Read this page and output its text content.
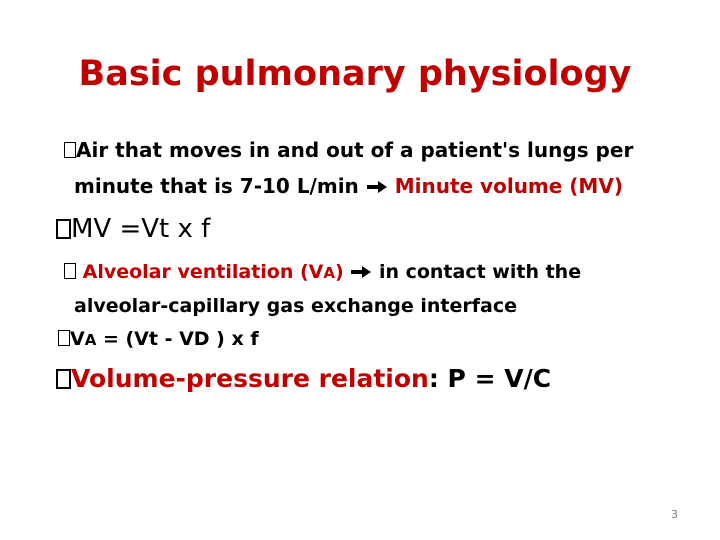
Basic pulmonary physiology
Air that moves in and out of a patient's lungs per
minute that is 7-10 L/min Minute volume (MV)
MV =Vt x f
Alveolar ventilation (VA) in contact with the
alveolar-capillary gas exchange interface
VA = (Vt - VD ) x f
Volume-pressure relation: P = V/C
3
